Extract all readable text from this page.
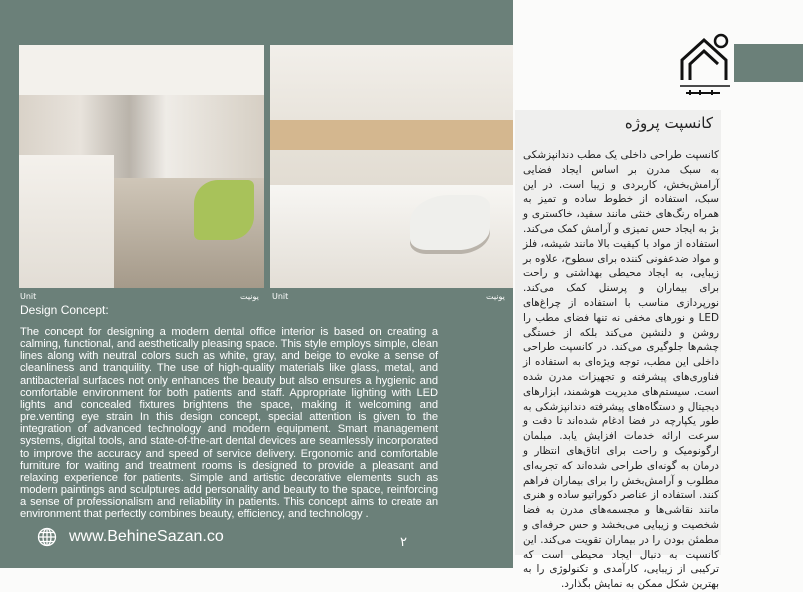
Unit	یونیت Unit	یونیت
Design Concept:
The concept for designing a modern dental office interior is based on creating a calming, functional, and aesthetically pleasing space. This style employs simple, clean lines along with neutral colors such as white, gray, and beige to evoke a sense of cleanliness and tranquility. The use of high-quality materials like glass, metal, and antibacterial surfaces not only enhances the beauty but also ensures a hygienic and comfortable environment for both patients and staff. Appropriate lighting with LED lights and concealed fixtures brightens the space, making it welcoming and pre.venting eye strain In this design concept, special attention is given to the integration of advanced technology and modern equipment. Smart management systems, digital tools, and state-of-the-art dental devices are seamlessly incorporated to improve the accuracy and speed of service delivery. Ergonomic and comfortable furniture for waiting and treatment rooms is designed to provide a pleasant and relaxing experience for patients. Simple and artistic decorative elements such as modern paintings and sculptures add personality and beauty to the space, reinforcing a sense of professionalism and reliability in patients. This concept aims to create an environment that perfectly combines beauty, efficiency, and technology .
www.BehineSazan.co	۲
کانسپت پروژه
کانسپت طراحی داخلی یک مطب دندانپزشکی به سبک مدرن بر اساس ایجاد فضایی آرامش‌بخش، کاربردی و زیبا است. در این سبک، استفاده از خطوط ساده و تمیز به همراه رنگ‌های خنثی مانند سفید، خاکستری و بژ به ایجاد حس تمیزی و آرامش کمک می‌کند. استفاده از مواد با کیفیت بالا مانند شیشه، فلز و مواد ضدعفونی کننده برای سطوح، علاوه بر زیبایی، به ایجاد محیطی بهداشتی و راحت برای بیماران و پرسنل کمک می‌کند. نورپردازی مناسب با استفاده از چراغ‌های LED و نورهای مخفی نه تنها فضای مطب را روشن و دلنشین می‌کند بلکه از خستگی چشم‌ها جلوگیری می‌کند. در کانسپت طراحی داخلی این مطب، توجه ویژه‌ای به استفاده از فناوری‌های پیشرفته و تجهیزات مدرن شده است. سیستم‌های مدیریت هوشمند، ابزارهای دیجیتال و دستگاه‌های پیشرفته دندانپزشکی به طور یکپارچه در فضا ادغام شده‌اند تا دقت و سرعت ارائه خدمات افزایش یابد. مبلمان ارگونومیک و راحت برای اتاق‌های انتظار و درمان به گونه‌ای طراحی شده‌اند که تجربه‌ای مطلوب و آرامش‌بخش را برای بیماران فراهم کنند. استفاده از عناصر دکوراتیو ساده و هنری مانند نقاشی‌ها و مجسمه‌های مدرن به فضا شخصیت و زیبایی می‌بخشد و حس حرفه‌ای و مطمئن بودن را در بیماران تقویت می‌کند. این کانسپت به دنبال ایجاد محیطی است که ترکیبی از زیبایی، کارآمدی و تکنولوژی را به بهترین شکل ممکن به نمایش بگذارد.
